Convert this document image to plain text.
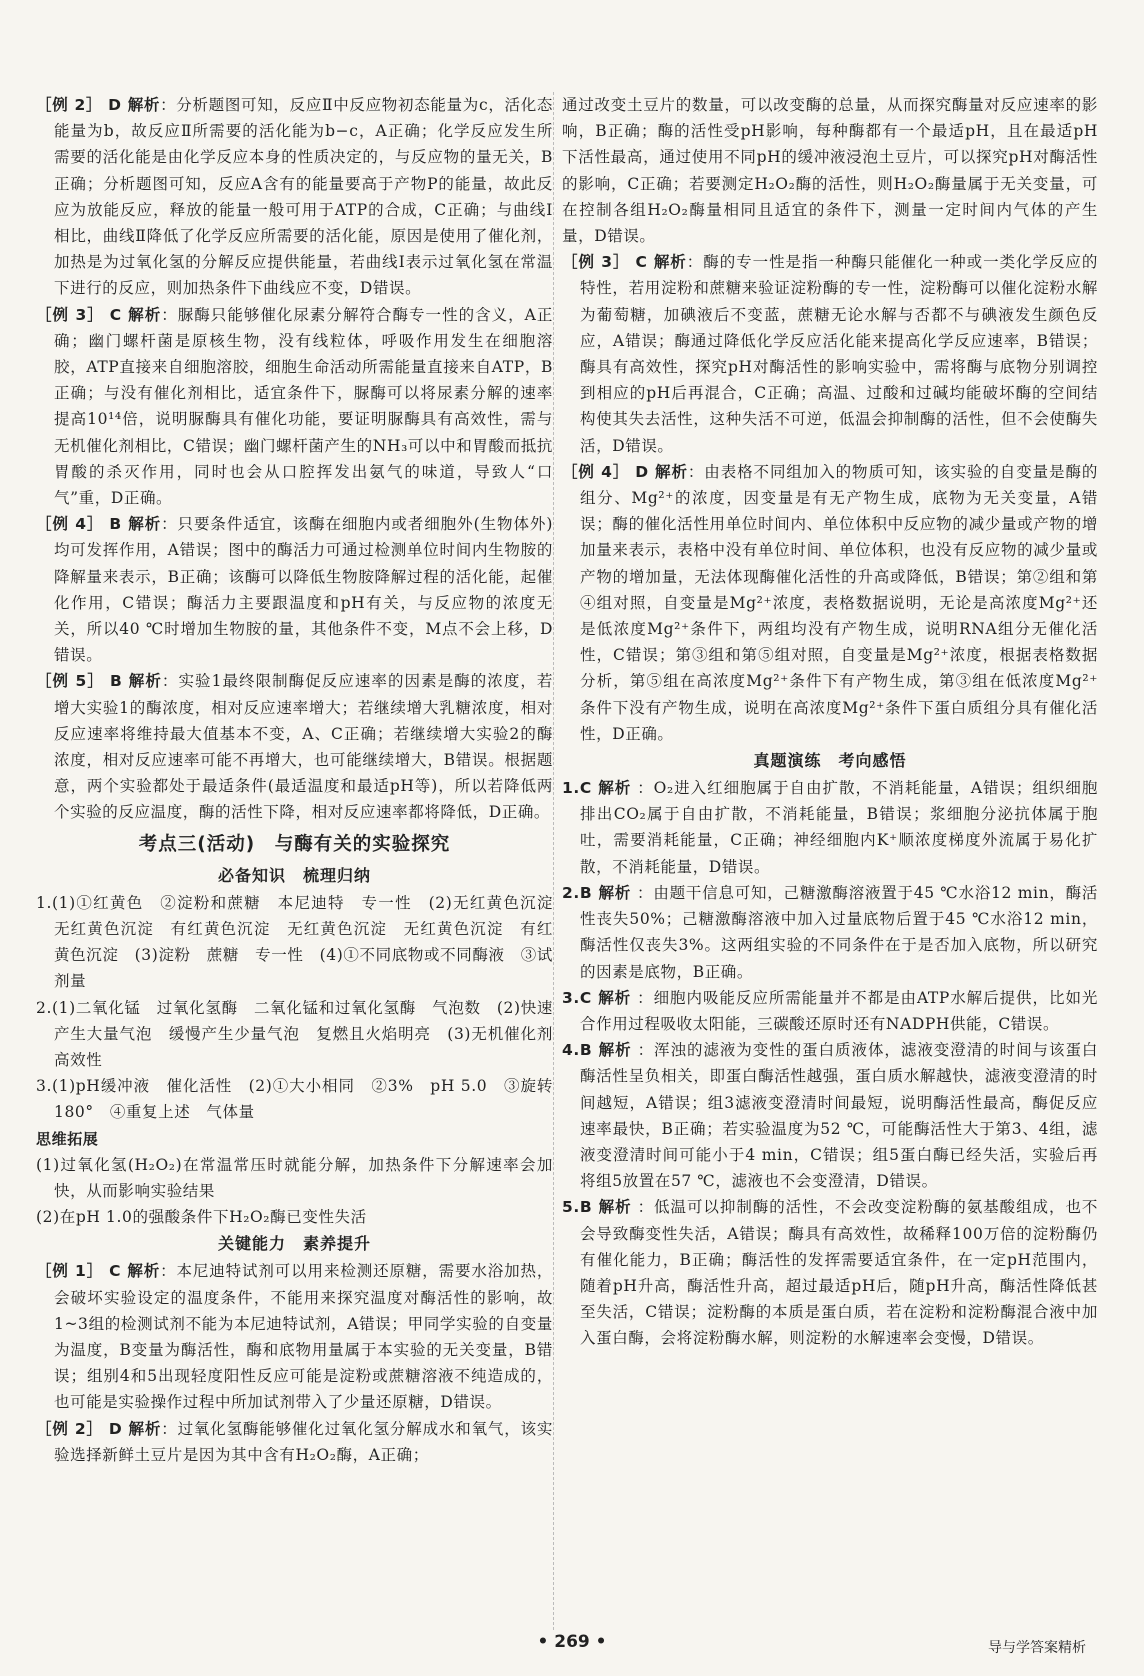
［例 2］ D 解析：分析题图可知，反应Ⅱ中反应物初态能量为c，活化态能量为b，故反应Ⅱ所需要的活化能为b−c，A正确；化学反应发生所需要的活化能是由化学反应本身的性质决定的，与反应物的量无关，B正确；分析题图可知，反应A含有的能量要高于产物P的能量，故此反应为放能反应，释放的能量一般可用于ATP的合成，C正确；与曲线Ⅰ相比，曲线Ⅱ降低了化学反应所需要的活化能，原因是使用了催化剂，加热是为过氧化氢的分解反应提供能量，若曲线Ⅰ表示过氧化氢在常温下进行的反应，则加热条件下曲线应不变，D错误。

［例 3］ C 解析：脲酶只能够催化尿素分解符合酶专一性的含义，A正确；幽门螺杆菌是原核生物，没有线粒体，呼吸作用发生在细胞溶胶，ATP直接来自细胞溶胶，细胞生命活动所需能量直接来自ATP，B正确；与没有催化剂相比，适宜条件下，脲酶可以将尿素分解的速率提高10¹⁴倍，说明脲酶具有催化功能，要证明脲酶具有高效性，需与无机催化剂相比，C错误；幽门螺杆菌产生的NH₃可以中和胃酸而抵抗胃酸的杀灭作用，同时也会从口腔挥发出氨气的味道，导致人“口气”重，D正确。

［例 4］ B 解析：只要条件适宜，该酶在细胞内或者细胞外(生物体外)均可发挥作用，A错误；图中的酶活力可通过检测单位时间内生物胺的降解量来表示，B正确；该酶可以降低生物胺降解过程的活化能，起催化作用，C错误；酶活力主要跟温度和pH有关，与反应物的浓度无关，所以40 ℃时增加生物胺的量，其他条件不变，M点不会上移，D错误。

［例 5］ B 解析：实验1最终限制酶促反应速率的因素是酶的浓度，若增大实验1的酶浓度，相对反应速率增大；若继续增大乳糖浓度，相对反应速率将维持最大值基本不变，A、C正确；若继续增大实验2的酶浓度，相对反应速率可能不再增大，也可能继续增大，B错误。根据题意，两个实验都处于最适条件(最适温度和最适pH等)，所以若降低两个实验的反应温度，酶的活性下降，相对反应速率都将降低，D正确。

考点三(活动)　与酶有关的实验探究
必备知识　梳理归纳

1.(1)①红黄色　②淀粉和蔗糖　本尼迪特　专一性　(2)无红黄色沉淀　无红黄色沉淀　有红黄色沉淀　无红黄色沉淀　无红黄色沉淀　有红黄色沉淀　(3)淀粉　蔗糖　专一性　(4)①不同底物或不同酶液　③试剂量

2.(1)二氧化锰　过氧化氢酶　二氧化锰和过氧化氢酶　气泡数　(2)快速产生大量气泡　缓慢产生少量气泡　复燃且火焰明亮　(3)无机催化剂　高效性

3.(1)pH缓冲液　催化活性　(2)①大小相同　②3%　pH 5.0　③旋转180°　④重复上述　气体量

思维拓展

(1)过氧化氢(H₂O₂)在常温常压时就能分解，加热条件下分解速率会加快，从而影响实验结果

(2)在pH 1.0的强酸条件下H₂O₂酶已变性失活

关键能力　素养提升

［例 1］ C 解析：本尼迪特试剂可以用来检测还原糖，需要水浴加热，会破坏实验设定的温度条件，不能用来探究温度对酶活性的影响，故1~3组的检测试剂不能为本尼迪特试剂，A错误；甲同学实验的自变量为温度，B变量为酶活性，酶和底物用量属于本实验的无关变量，B错误；组别4和5出现轻度阳性反应可能是淀粉或蔗糖溶液不纯造成的，也可能是实验操作过程中所加试剂带入了少量还原糖，D错误。

［例 2］ D 解析：过氧化氢酶能够催化过氧化氢分解成水和氧气，该实验选择新鲜土豆片是因为其中含有H₂O₂酶，A正确；

通过改变土豆片的数量，可以改变酶的总量，从而探究酶量对反应速率的影响，B正确；酶的活性受pH影响，每种酶都有一个最适pH，且在最适pH下活性最高，通过使用不同pH的缓冲液浸泡土豆片，可以探究pH对酶活性的影响，C正确；若要测定H₂O₂酶的活性，则H₂O₂酶量属于无关变量，可在控制各组H₂O₂酶量相同且适宜的条件下，测量一定时间内气体的产生量，D错误。

［例 3］ C 解析：酶的专一性是指一种酶只能催化一种或一类化学反应的特性，若用淀粉和蔗糖来验证淀粉酶的专一性，淀粉酶可以催化淀粉水解为葡萄糖，加碘液后不变蓝，蔗糖无论水解与否都不与碘液发生颜色反应，A错误；酶通过降低化学反应活化能来提高化学反应速率，B错误；酶具有高效性，探究pH对酶活性的影响实验中，需将酶与底物分别调控到相应的pH后再混合，C正确；高温、过酸和过碱均能破坏酶的空间结构使其失去活性，这种失活不可逆，低温会抑制酶的活性，但不会使酶失活，D错误。

［例 4］ D 解析：由表格不同组加入的物质可知，该实验的自变量是酶的组分、Mg²⁺的浓度，因变量是有无产物生成，底物为无关变量，A错误；酶的催化活性用单位时间内、单位体积中反应物的减少量或产物的增加量来表示，表格中没有单位时间、单位体积，也没有反应物的减少量或产物的增加量，无法体现酶催化活性的升高或降低，B错误；第②组和第④组对照，自变量是Mg²⁺浓度，表格数据说明，无论是高浓度Mg²⁺还是低浓度Mg²⁺条件下，两组均没有产物生成，说明RNA组分无催化活性，C错误；第③组和第⑤组对照，自变量是Mg²⁺浓度，根据表格数据分析，第⑤组在高浓度Mg²⁺条件下有产物生成，第③组在低浓度Mg²⁺条件下没有产物生成，说明在高浓度Mg²⁺条件下蛋白质组分具有催化活性，D正确。

真题演练　考向感悟

1.C 解析 ：O₂进入红细胞属于自由扩散，不消耗能量，A错误；组织细胞排出CO₂属于自由扩散，不消耗能量，B错误；浆细胞分泌抗体属于胞吐，需要消耗能量，C正确；神经细胞内K⁺顺浓度梯度外流属于易化扩散，不消耗能量，D错误。

2.B 解析 ：由题干信息可知，己糖激酶溶液置于45 ℃水浴12 min，酶活性丧失50%；己糖激酶溶液中加入过量底物后置于45 ℃水浴12 min，酶活性仅丧失3%。这两组实验的不同条件在于是否加入底物，所以研究的因素是底物，B正确。

3.C 解析 ：细胞内吸能反应所需能量并不都是由ATP水解后提供，比如光合作用过程吸收太阳能，三碳酸还原时还有NADPH供能，C错误。

4.B 解析 ：浑浊的滤液为变性的蛋白质液体，滤液变澄清的时间与该蛋白酶活性呈负相关，即蛋白酶活性越强，蛋白质水解越快，滤液变澄清的时间越短，A错误；组3滤液变澄清时间最短，说明酶活性最高，酶促反应速率最快，B正确；若实验温度为52 ℃，可能酶活性大于第3、4组，滤液变澄清时间可能小于4 min，C错误；组5蛋白酶已经失活，实验后再将组5放置在57 ℃，滤液也不会变澄清，D错误。

5.B 解析 ：低温可以抑制酶的活性，不会改变淀粉酶的氨基酸组成，也不会导致酶变性失活，A错误；酶具有高效性，故稀释100万倍的淀粉酶仍有催化能力，B正确；酶活性的发挥需要适宜条件，在一定pH范围内，随着pH升高，酶活性升高，超过最适pH后，随pH升高，酶活性降低甚至失活，C错误；淀粉酶的本质是蛋白质，若在淀粉和淀粉酶混合液中加入蛋白酶，会将淀粉酶水解，则淀粉的水解速率会变慢，D错误。

• 269 •	导与学答案精析
